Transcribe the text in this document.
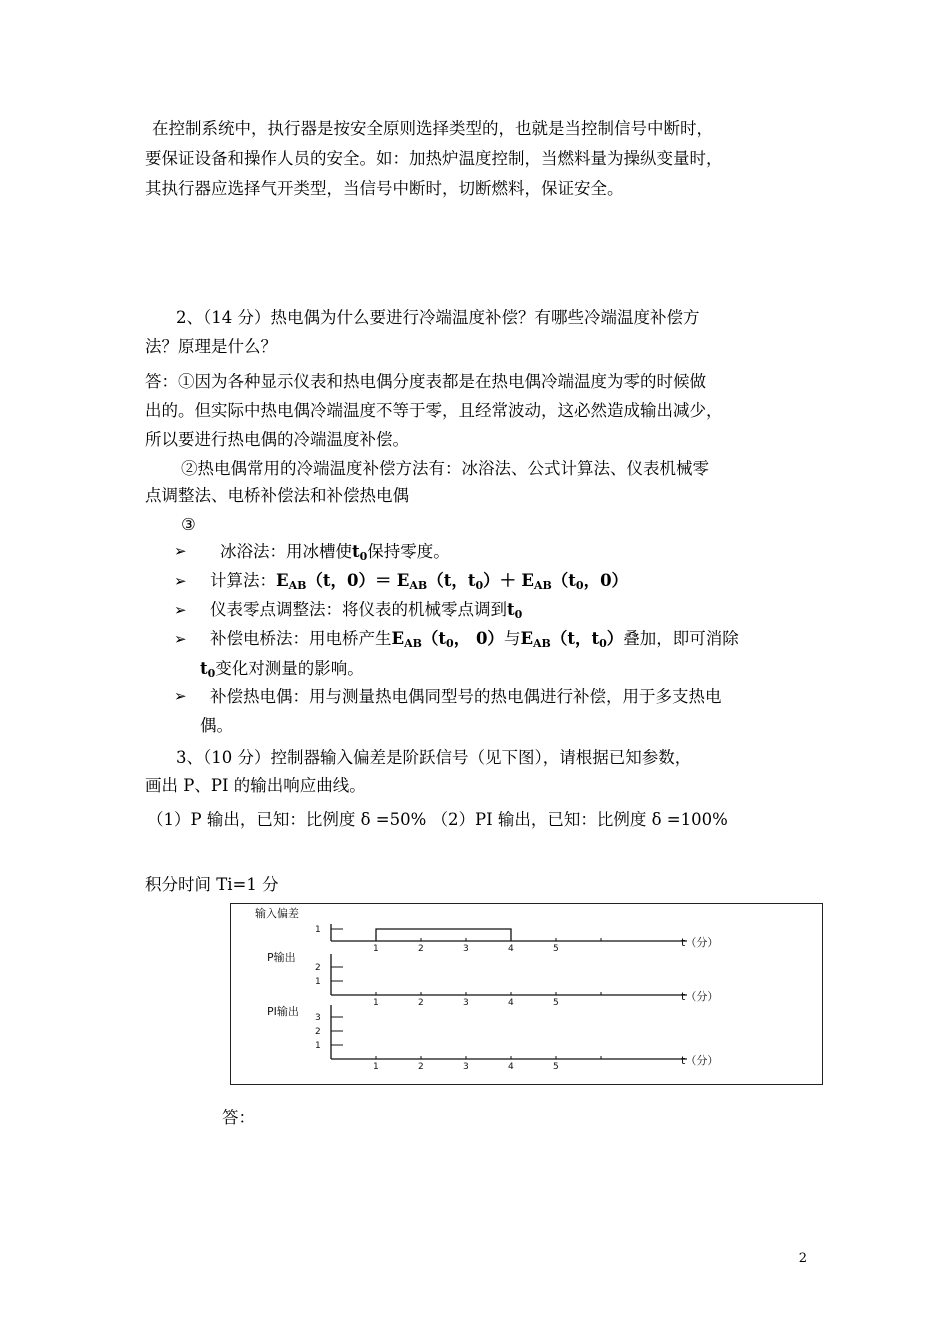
在控制系统中，执行器是按安全原则选择类型的，也就是当控制信号中断时，
要保证设备和操作人员的安全。如：加热炉温度控制，当燃料量为操纵变量时，
其执行器应选择气开类型，当信号中断时，切断燃料，保证安全。
2、（14 分）热电偶为什么要进行冷端温度补偿？有哪些冷端温度补偿方
法？原理是什么？
答：①因为各种显示仪表和热电偶分度表都是在热电偶冷端温度为零的时候做
出的。但实际中热电偶冷端温度不等于零，且经常波动，这必然造成输出减少，
所以要进行热电偶的冷端温度补偿。
②热电偶常用的冷端温度补偿方法有：冰浴法、公式计算法、仪表机械零
点调整法、电桥补偿法和补偿热电偶
③
➢ 冰浴法：用冰槽使$t_0$保持零度。
➢ 计算法：$E_{AB}(t$，$0)= E_{AB}(t$，$t_0)+ E_{AB}(t_0$，0）
➢ 仪表零点调整法：将仪表的机械零点调到$t_0$
➢ 补偿电桥法：用电桥产生$E_{AB}(t_0$， 0）与$E_{AB}(t$，$t_0$）叠加，即可消除
$t_0$变化对测量的影响。
➢ 补偿热电偶：用与测量热电偶同型号的热电偶进行补偿，用于多支热电
偶。
3、（10 分）控制器输入偏差是阶跃信号（见下图），请根据已知参数，
画出 P、PI 的输出响应曲线。
（1）P 输出，已知：比例度 δ =50% （2）PI 输出，已知：比例度 δ =100%
积分时间 Ti=1 分
输入偏差
1
1	2	3	4	5	t（分）
P输出
2
1
1	2	3	4	5	t（分）
PI输出 3
2
1
1	2	3	4	5	t（分）
答：
2
